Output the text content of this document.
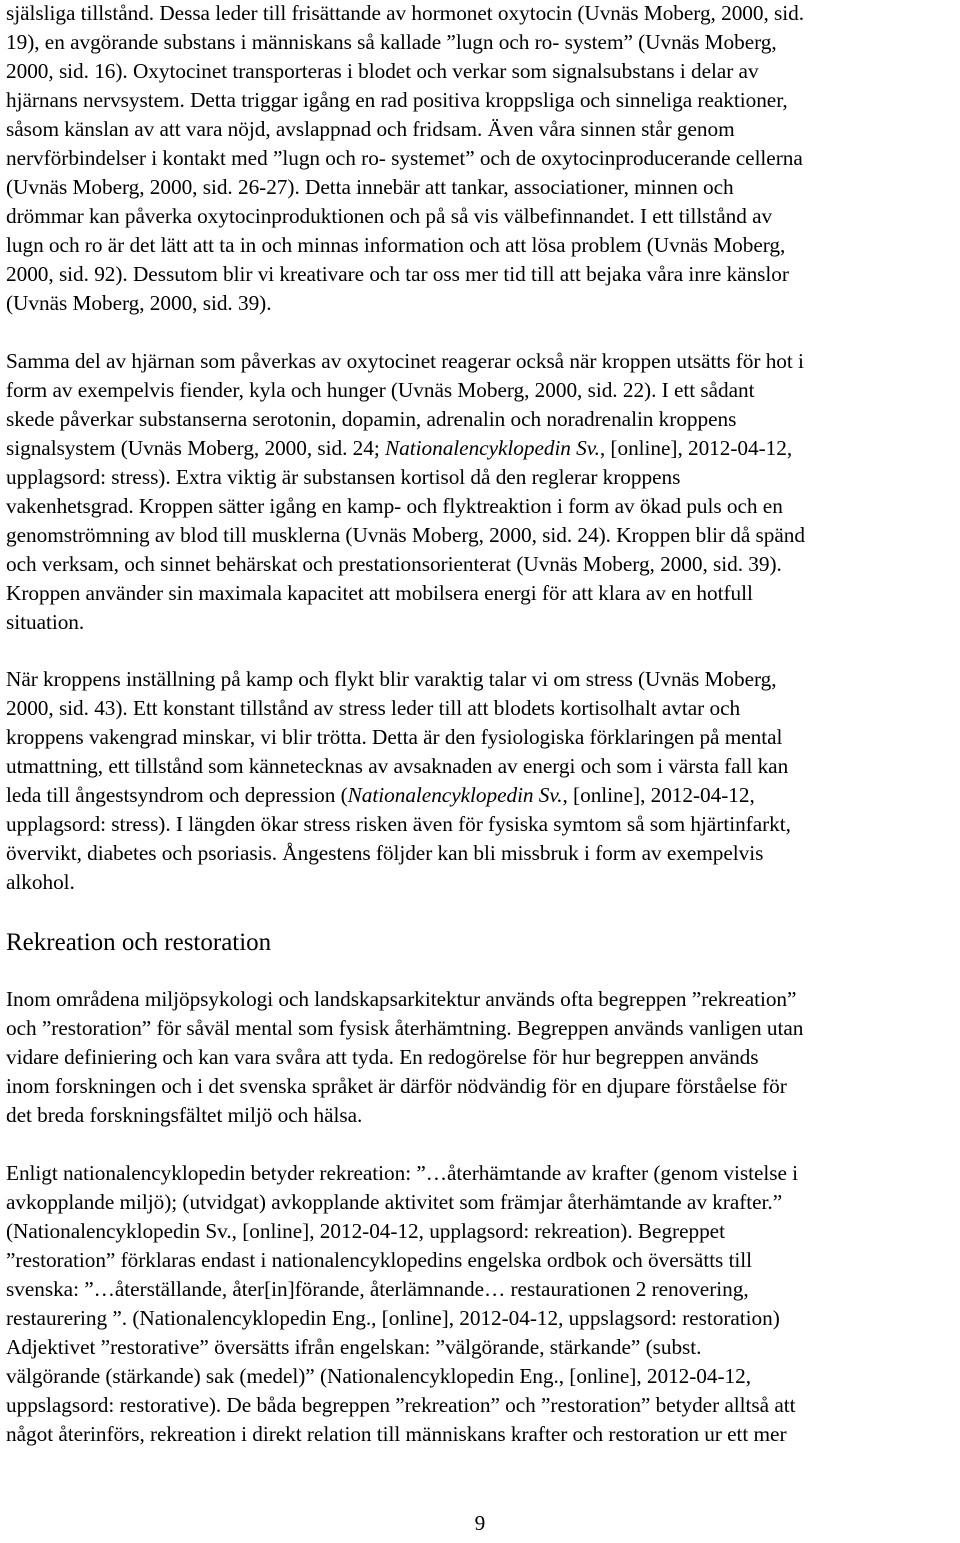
själsliga tillstånd. Dessa leder till frisättande av hormonet oxytocin (Uvnäs Moberg, 2000, sid.
19), en avgörande substans i människans så kallade ”lugn och ro- system” (Uvnäs Moberg,
2000, sid. 16). Oxytocinet transporteras i blodet och verkar som signalsubstans i delar av
hjärnans nervsystem. Detta triggar igång en rad positiva kroppsliga och sinneliga reaktioner,
såsom känslan av att vara nöjd, avslappnad och fridsam. Även våra sinnen står genom
nervförbindelser i kontakt med ”lugn och ro- systemet” och de oxytocinproducerande cellerna
(Uvnäs Moberg, 2000, sid. 26-27). Detta innebär att tankar, associationer, minnen och
drömmar kan påverka oxytocinproduktionen och på så vis välbefinnandet. I ett tillstånd av
lugn och ro är det lätt att ta in och minnas information och att lösa problem (Uvnäs Moberg,
2000, sid. 92). Dessutom blir vi kreativare och tar oss mer tid till att bejaka våra inre känslor
(Uvnäs Moberg, 2000, sid. 39).
Samma del av hjärnan som påverkas av oxytocinet reagerar också när kroppen utsätts för hot i
form av exempelvis fiender, kyla och hunger (Uvnäs Moberg, 2000, sid. 22). I ett sådant
skede påverkar substanserna serotonin, dopamin, adrenalin och noradrenalin kroppens
signalsystem (Uvnäs Moberg, 2000, sid. 24; Nationalencyklopedin Sv., [online], 2012-04-12,
upplagsord: stress). Extra viktig är substansen kortisol då den reglerar kroppens
vakenhetsgrad. Kroppen sätter igång en kamp- och flyktreaktion i form av ökad puls och en
genomströmning av blod till musklerna (Uvnäs Moberg, 2000, sid. 24). Kroppen blir då spänd
och verksam, och sinnet behärskat och prestationsorienterat (Uvnäs Moberg, 2000, sid. 39).
Kroppen använder sin maximala kapacitet att mobilsera energi för att klara av en hotfull
situation.
När kroppens inställning på kamp och flykt blir varaktig talar vi om stress (Uvnäs Moberg,
2000, sid. 43). Ett konstant tillstånd av stress leder till att blodets kortisolhalt avtar och
kroppens vakengrad minskar, vi blir trötta. Detta är den fysiologiska förklaringen på mental
utmattning, ett tillstånd som kännetecknas av avsaknaden av energi och som i värsta fall kan
leda till ångestsyndrom och depression (Nationalencyklopedin Sv., [online], 2012-04-12,
upplagsord: stress). I längden ökar stress risken även för fysiska symtom så som hjärtinfarkt,
övervikt, diabetes och psoriasis. Ångestens följder kan bli missbruk i form av exempelvis
alkohol.
Rekreation och restoration
Inom områdena miljöpsykologi och landskapsarkitektur används ofta begreppen ”rekreation”
och ”restoration” för såväl mental som fysisk återhämtning. Begreppen används vanligen utan
vidare definiering och kan vara svåra att tyda. En redogörelse för hur begreppen används
inom forskningen och i det svenska språket är därför nödvändig för en djupare förståelse för
det breda forskningsfältet miljö och hälsa.
Enligt nationalencyklopedin betyder rekreation: ”…återhämtande av krafter (genom vistelse i
avkopplande miljö); (utvidgat) avkopplande aktivitet som främjar återhämtande av krafter.”
(Nationalencyklopedin Sv., [online], 2012-04-12, upplagsord: rekreation). Begreppet
”restoration” förklaras endast i nationalencyklopedins engelska ordbok och översätts till
svenska: ”…återställande, åter[in]förande, återlämnande… restaurationen 2 renovering,
restaurering ”. (Nationalencyklopedin Eng., [online], 2012-04-12, uppslagsord: restoration)
Adjektivet ”restorative” översätts ifrån engelskan: ”välgörande, stärkande” (subst.
välgörande (stärkande) sak (medel)” (Nationalencyklopedin Eng., [online], 2012-04-12,
uppslagsord: restorative). De båda begreppen ”rekreation” och ”restoration” betyder alltså att
något återinförs, rekreation i direkt relation till människans krafter och restoration ur ett mer
9
